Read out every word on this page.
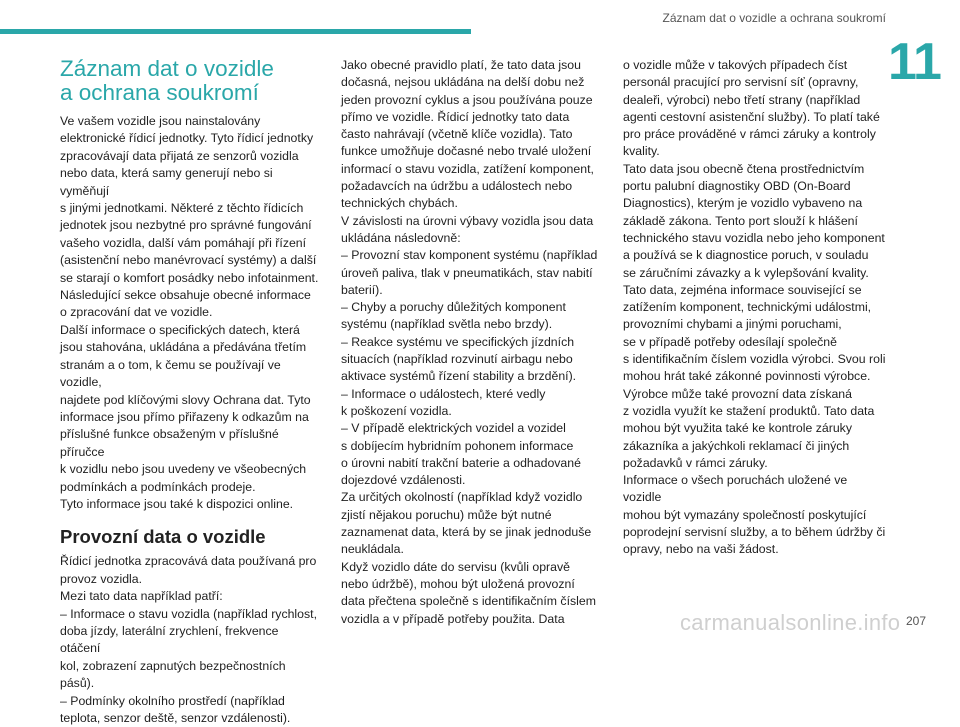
Záznam dat o vozidle a ochrana soukromí
11
Záznam dat o vozidle
a ochrana soukromí

Ve vašem vozidle jsou nainstalovány

elektronické řídicí jednotky. Tyto řídicí jednotky

zpracovávají data přijatá ze senzorů vozidla

nebo data, která samy generují nebo si vyměňují

s jinými jednotkami. Některé z těchto řídicích

jednotek jsou nezbytné pro správné fungování

vašeho vozidla, další vám pomáhají při řízení

(asistenční nebo manévrovací systémy) a další

se starají o komfort posádky nebo infotainment.

Následující sekce obsahuje obecné informace

o zpracování dat ve vozidle.

Další informace o specifických datech, která

jsou stahována, ukládána a předávána třetím

stranám a o tom, k čemu se používají ve vozidle,

najdete pod klíčovými slovy Ochrana dat. Tyto

informace jsou přímo přiřazeny k odkazům na

příslušné funkce obsaženým v příslušné příručce

k vozidlu nebo jsou uvedeny ve všeobecných

podmínkách a podmínkách prodeje.

Tyto informace jsou také k dispozici online.

Provozní data o vozidle

Řídicí jednotka zpracovává data používaná pro

provoz vozidla.

Mezi tato data například patří:

– Informace o stavu vozidla (například rychlost,

doba jízdy, laterální zrychlení, frekvence otáčení

kol, zobrazení zapnutých bezpečnostních pásů).

– Podmínky okolního prostředí (například

teplota, senzor deště, senzor vzdálenosti).

Jako obecné pravidlo platí, že tato data jsou

dočasná, nejsou ukládána na delší dobu než

jeden provozní cyklus a jsou používána pouze

přímo ve vozidle. Řídicí jednotky tato data

často nahrávají (včetně klíče vozidla). Tato

funkce umožňuje dočasné nebo trvalé uložení

informací o stavu vozidla, zatížení komponent,

požadavcích na údržbu a událostech nebo

technických chybách.

V závislosti na úrovni výbavy vozidla jsou data

ukládána následovně:

– Provozní stav komponent systému (například

úroveň paliva, tlak v pneumatikách, stav nabití

baterií).

– Chyby a poruchy důležitých komponent

systému (například světla nebo brzdy).

– Reakce systému ve specifických jízdních

situacích (například rozvinutí airbagu nebo

aktivace systémů řízení stability a brzdění).

– Informace o událostech, které vedly

k poškození vozidla.

– V případě elektrických vozidel a vozidel

s dobíjecím hybridním pohonem informace

o úrovni nabití trakční baterie a odhadované

dojezdové vzdálenosti.

Za určitých okolností (například když vozidlo

zjistí nějakou poruchu) může být nutné

zaznamenat data, která by se jinak jednoduše

neukládala.

Když vozidlo dáte do servisu (kvůli opravě

nebo údržbě), mohou být uložená provozní

data přečtena společně s identifikačním číslem

vozidla a v případě potřeby použita. Data

o vozidle může v takových případech číst

personál pracující pro servisní síť (opravny,

dealeři, výrobci) nebo třetí strany (například

agenti cestovní asistenční služby). To platí také

pro práce prováděné v rámci záruky a kontroly

kvality.

Tato data jsou obecně čtena prostřednictvím

portu palubní diagnostiky OBD (On-Board

Diagnostics), kterým je vozidlo vybaveno na

základě zákona. Tento port slouží k hlášení

technického stavu vozidla nebo jeho komponent

a používá se k diagnostice poruch, v souladu

se záručními závazky a k vylepšování kvality.

Tato data, zejména informace související se

zatížením komponent, technickými událostmi,

provozními chybami a jinými poruchami,

se v případě potřeby odesílají společně

s identifikačním číslem vozidla výrobci. Svou roli

mohou hrát také zákonné povinnosti výrobce.

Výrobce může také provozní data získaná

z vozidla využít ke stažení produktů. Tato data

mohou být využita také ke kontrole záruky

zákazníka a jakýchkoli reklamací či jiných

požadavků v rámci záruky.

Informace o všech poruchách uložené ve vozidle

mohou být vymazány společností poskytující

poprodejní servisní služby, a to během údržby či

opravy, nebo na vaši žádost.

carmanualsonline.info 207
